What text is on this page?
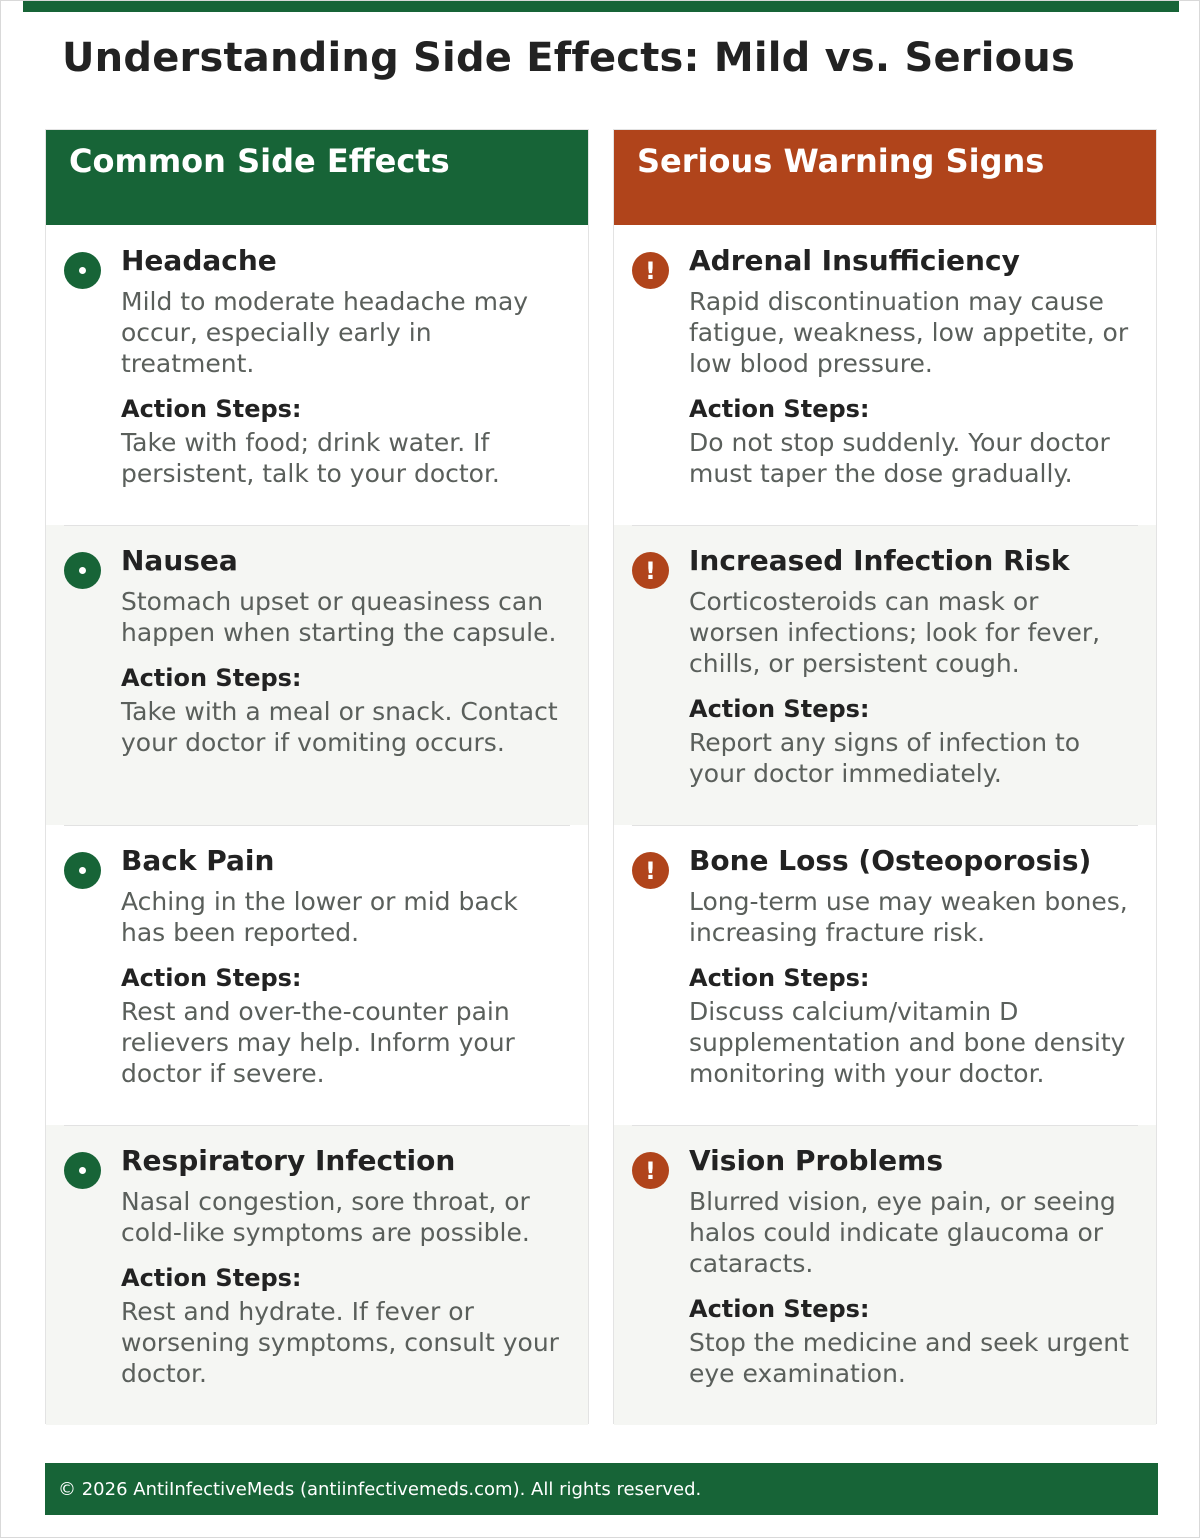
Understanding Side Effects: Mild vs. Serious
Common Side Effects
Headache

Mild to moderate headache may occur, especially early in treatment.

Action Steps:

Take with food; drink water. If persistent, talk to your doctor.

Nausea

Stomach upset or queasiness can happen when starting the capsule.

Action Steps:

Take with a meal or snack. Contact your doctor if vomiting occurs.

Back Pain

Aching in the lower or mid back has been reported.

Action Steps:

Rest and over-the-counter pain relievers may help. Inform your doctor if severe.

Respiratory Infection

Nasal congestion, sore throat, or cold-like symptoms are possible.

Action Steps:

Rest and hydrate. If fever or worsening symptoms, consult your doctor.

Serious Warning Signs
!	Adrenal Insufficiency

Rapid discontinuation may cause fatigue, weakness, low appetite, or low blood pressure.

Action Steps:

Do not stop suddenly. Your doctor must taper the dose gradually.

!	Increased Infection Risk

Corticosteroids can mask or worsen infections; look for fever, chills, or persistent cough.

Action Steps:

Report any signs of infection to your doctor immediately.

!	Bone Loss (Osteoporosis)

Long-term use may weaken bones, increasing fracture risk.

Action Steps:

Discuss calcium/vitamin D supplementation and bone density monitoring with your doctor.

!	Vision Problems

Blurred vision, eye pain, or seeing halos could indicate glaucoma or cataracts.

Action Steps:

Stop the medicine and seek urgent eye examination.

© 2026 AntiInfectiveMeds (antiinfectivemeds.com). All rights reserved.
